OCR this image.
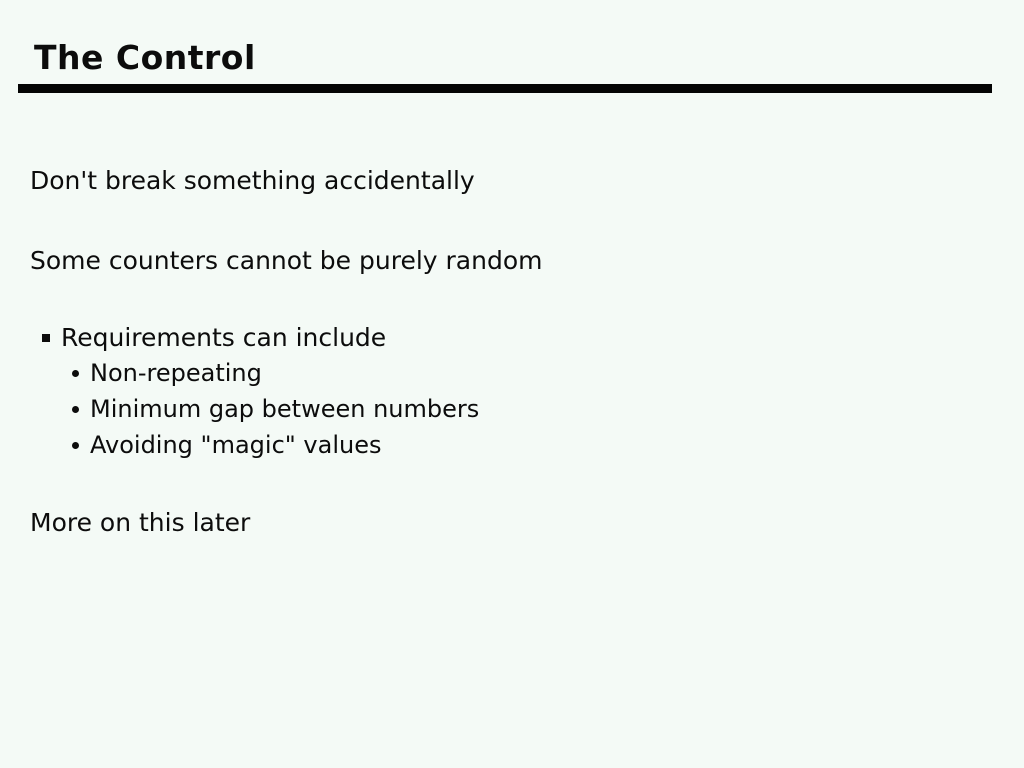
The Control

Don't break something accidentally

Some counters cannot be purely random

Requirements can include
Non-repeating
Minimum gap between numbers
Avoiding "magic" values

More on this later
